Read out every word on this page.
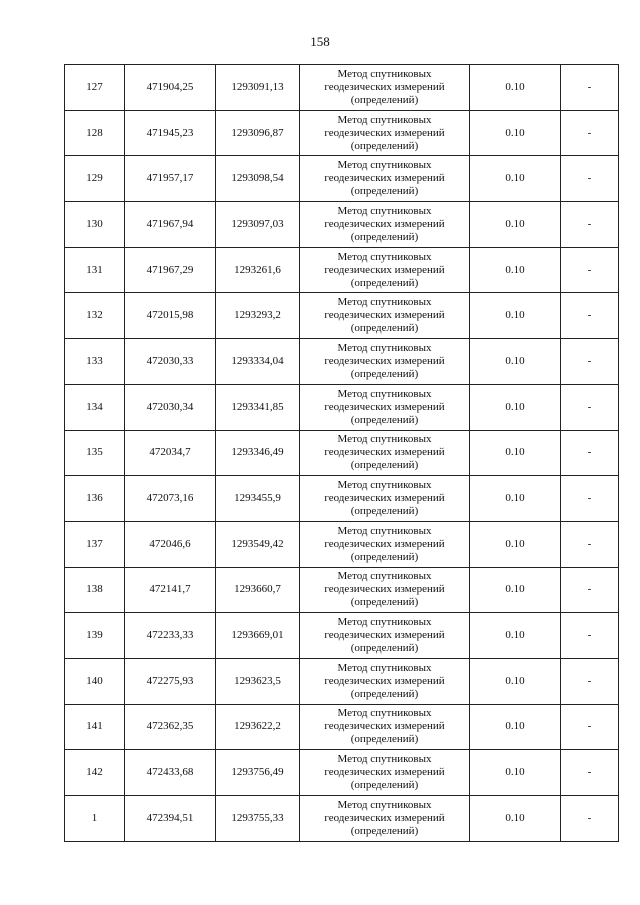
158
127	471904,25	1293091,13	Метод спутниковых
геодезических измерений
(определений)	0.10	-
128	471945,23	1293096,87	Метод спутниковых
геодезических измерений
(определений)	0.10	-
129	471957,17	1293098,54	Метод спутниковых
геодезических измерений
(определений)	0.10	-
130	471967,94	1293097,03	Метод спутниковых
геодезических измерений
(определений)	0.10	-
131	471967,29	1293261,6	Метод спутниковых
геодезических измерений
(определений)	0.10	-
132	472015,98	1293293,2	Метод спутниковых
геодезических измерений
(определений)	0.10	-
133	472030,33	1293334,04	Метод спутниковых
геодезических измерений
(определений)	0.10	-
134	472030,34	1293341,85	Метод спутниковых
геодезических измерений
(определений)	0.10	-
135	472034,7	1293346,49	Метод спутниковых
геодезических измерений
(определений)	0.10	-
136	472073,16	1293455,9	Метод спутниковых
геодезических измерений
(определений)	0.10	-
137	472046,6	1293549,42	Метод спутниковых
геодезических измерений
(определений)	0.10	-
138	472141,7	1293660,7	Метод спутниковых
геодезических измерений
(определений)	0.10	-
139	472233,33	1293669,01	Метод спутниковых
геодезических измерений
(определений)	0.10	-
140	472275,93	1293623,5	Метод спутниковых
геодезических измерений
(определений)	0.10	-
141	472362,35	1293622,2	Метод спутниковых
геодезических измерений
(определений)	0.10	-
142	472433,68	1293756,49	Метод спутниковых
геодезических измерений
(определений)	0.10	-
1	472394,51	1293755,33	Метод спутниковых
геодезических измерений
(определений)	0.10	-
